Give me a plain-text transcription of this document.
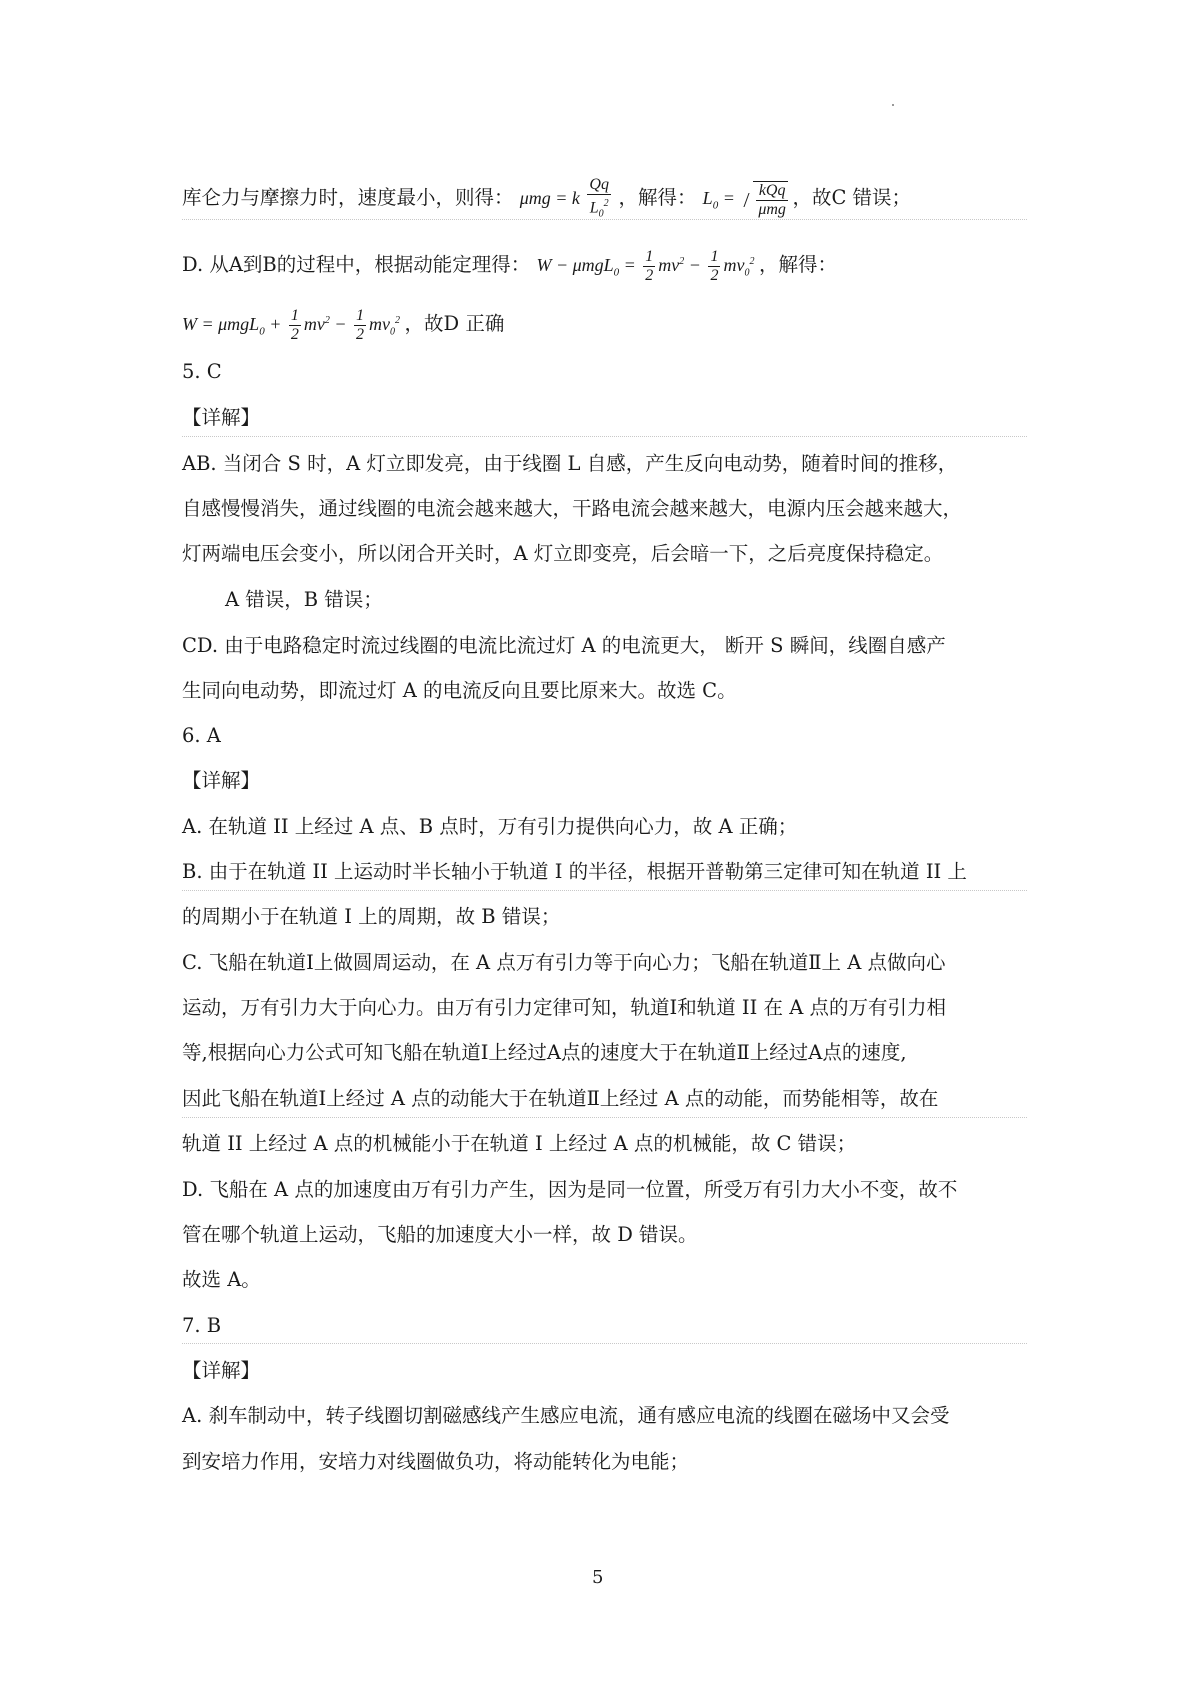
库仑力与摩擦力时，速度最小，则得： μmg = k $\frac{Qq}{L_0^2}$ ，解得： $L_0 = \frac{\text{kQq}}{\text{μmg}}$ ，故C 错误；
D. 从A到B的过程中，根据动能定理得： $W - \mu mgL_0 = \frac{1}{2} mv^2 - \frac{1}{2} mv_0^2$ ，解得：
$W = \mu mgL_0 + \frac{1}{2} mv^2 - \frac{1}{2} mv_0^2$ ，故D 正确
5. C
【详解】
AB. 当闭合 S 时，A 灯立即发亮，由于线圈 L 自感，产生反向电动势，随着时间的推移，
自感慢慢消失，通过线圈的电流会越来越大，干路电流会越来越大，电源内压会越来越大，
灯两端电压会变小，所以闭合开关时，A 灯立即变亮，后会暗一下，之后亮度保持稳定。
A 错误，B 错误；
CD. 由于电路稳定时流过线圈的电流比流过灯 A 的电流更大， 断开 S 瞬间，线圈自感产
生同向电动势，即流过灯 A 的电流反向且要比原来大。故选 C。
6. A
【详解】
A. 在轨道 II 上经过 A 点、B 点时，万有引力提供向心力，故 A 正确；
B. 由于在轨道 II 上运动时半长轴小于轨道 I 的半径，根据开普勒第三定律可知在轨道 II 上
的周期小于在轨道 I 上的周期，故 B 错误；
C. 飞船在轨道Ⅰ上做圆周运动，在 A 点万有引力等于向心力；飞船在轨道Ⅱ上 A 点做向心
运动，万有引力大于向心力。由万有引力定律可知，轨道Ⅰ和轨道 II 在 A 点的万有引力相
等,根据向心力公式可知飞船在轨道Ⅰ上经过A点的速度大于在轨道Ⅱ上经过A点的速度,
因此飞船在轨道Ⅰ上经过 A 点的动能大于在轨道Ⅱ上经过 A 点的动能，而势能相等，故在
轨道 II 上经过 A 点的机械能小于在轨道 I 上经过 A 点的机械能，故 C 错误；
D. 飞船在 A 点的加速度由万有引力产生，因为是同一位置，所受万有引力大小不变，故不
管在哪个轨道上运动，飞船的加速度大小一样，故 D 错误。
故选 A。
7. B
【详解】
A. 刹车制动中，转子线圈切割磁感线产生感应电流，通有感应电流的线圈在磁场中又会受
到安培力作用，安培力对线圈做负功，将动能转化为电能；
5
